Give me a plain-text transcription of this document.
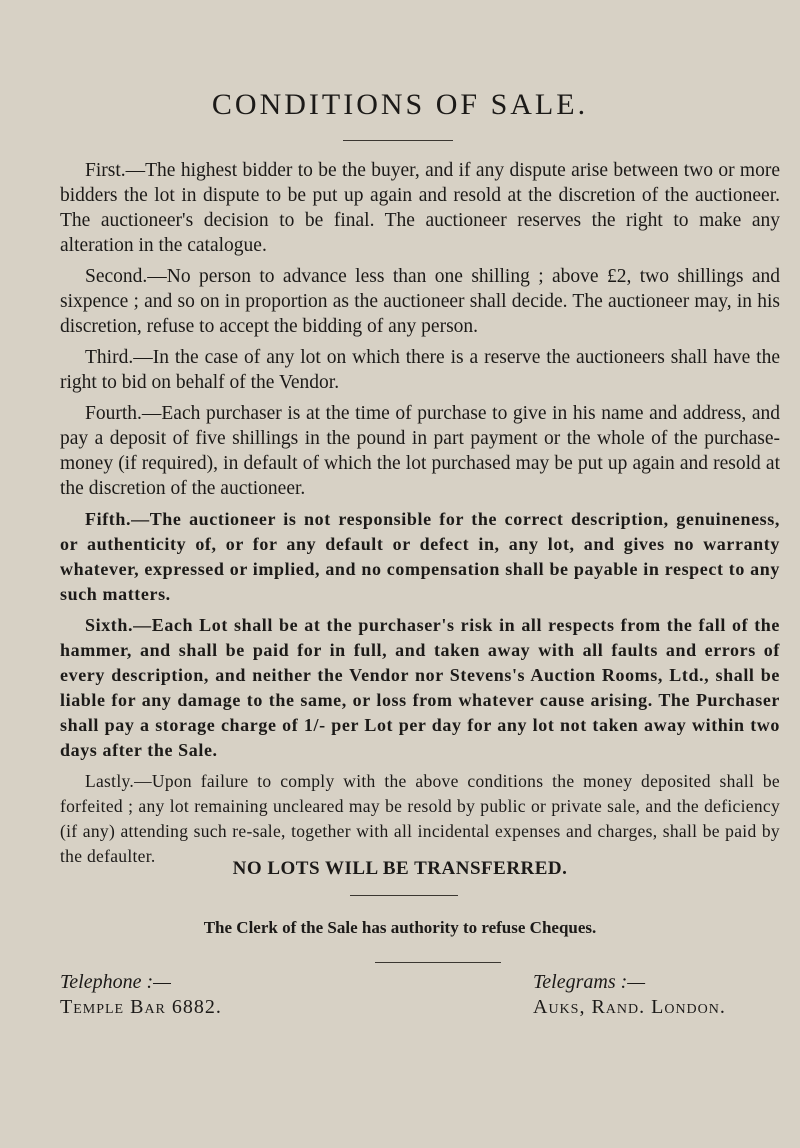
CONDITIONS OF SALE.

First.—The highest bidder to be the buyer, and if any dispute arise between two or more bidders the lot in dispute to be put up again and resold at the discretion of the auctioneer. The auctioneer's decision to be final. The auctioneer reserves the right to make any alteration in the catalogue.

Second.—No person to advance less than one shilling ; above £2, two shillings and sixpence ; and so on in proportion as the auctioneer shall decide. The auctioneer may, in his discretion, refuse to accept the bidding of any person.

Third.—In the case of any lot on which there is a reserve the auctioneers shall have the right to bid on behalf of the Vendor.

Fourth.—Each purchaser is at the time of purchase to give in his name and address, and pay a deposit of five shillings in the pound in part payment or the whole of the purchase-money (if required), in default of which the lot purchased may be put up again and resold at the discretion of the auctioneer.

Fifth.—The auctioneer is not responsible for the correct description, genuineness, or authenticity of, or for any default or defect in, any lot, and gives no warranty whatever, expressed or implied, and no compensation shall be payable in respect to any such matters.

Sixth.—Each Lot shall be at the purchaser's risk in all respects from the fall of the hammer, and shall be paid for in full, and taken away with all faults and errors of every description, and neither the Vendor nor Stevens's Auction Rooms, Ltd., shall be liable for any damage to the same, or loss from whatever cause arising. The Purchaser shall pay a storage charge of 1/- per Lot per day for any lot not taken away within two days after the Sale.

Lastly.—Upon failure to comply with the above conditions the money deposited shall be forfeited ; any lot remaining uncleared may be resold by public or private sale, and the deficiency (if any) attending such re-sale, together with all incidental expenses and charges, shall be paid by the defaulter.

NO LOTS WILL BE TRANSFERRED.
The Clerk of the Sale has authority to refuse Cheques.
Telephone :—
Temple Bar 6882.
Telegrams :—
Auks, Rand. London.
